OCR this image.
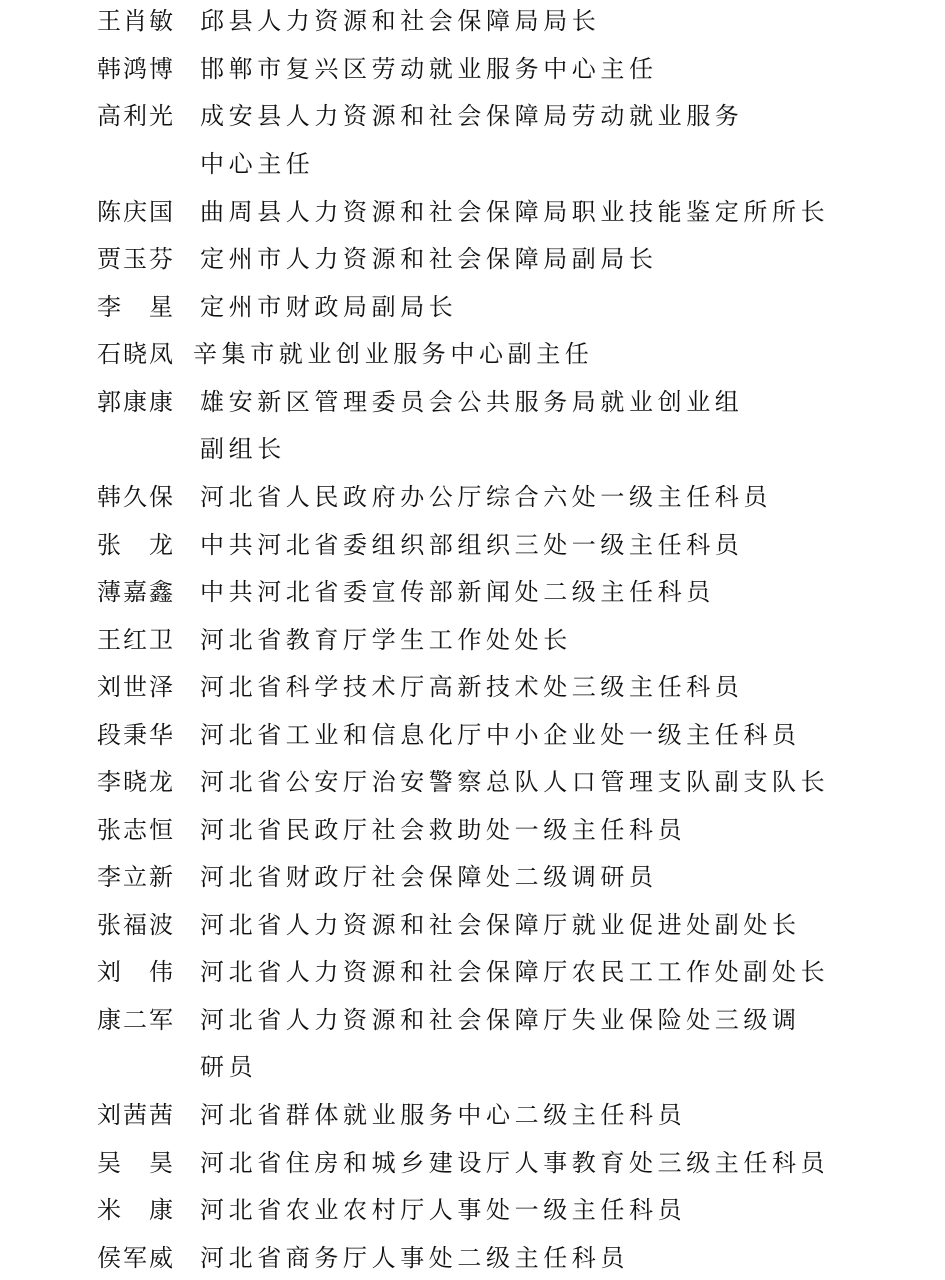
王肖敏 邱县人力资源和社会保障局局长
韩鸿博 邯郸市复兴区劳动就业服务中心主任
高利光 成安县人力资源和社会保障局劳动就业服务
中心主任
陈庆国 曲周县人力资源和社会保障局职业技能鉴定所所长
贾玉芬 定州市人力资源和社会保障局副局长
李　星 定州市财政局副局长
石晓凤 辛集市就业创业服务中心副主任
郭康康 雄安新区管理委员会公共服务局就业创业组
副组长
韩久保 河北省人民政府办公厅综合六处一级主任科员
张　龙 中共河北省委组织部组织三处一级主任科员
薄嘉鑫 中共河北省委宣传部新闻处二级主任科员
王红卫 河北省教育厅学生工作处处长
刘世泽 河北省科学技术厅高新技术处三级主任科员
段秉华 河北省工业和信息化厅中小企业处一级主任科员
李晓龙 河北省公安厅治安警察总队人口管理支队副支队长
张志恒 河北省民政厅社会救助处一级主任科员
李立新 河北省财政厅社会保障处二级调研员
张福波 河北省人力资源和社会保障厅就业促进处副处长
刘　伟 河北省人力资源和社会保障厅农民工工作处副处长
康二军 河北省人力资源和社会保障厅失业保险处三级调
研员
刘茜茜 河北省群体就业服务中心二级主任科员
吴　昊 河北省住房和城乡建设厅人事教育处三级主任科员
米　康 河北省农业农村厅人事处一级主任科员
侯军威 河北省商务厅人事处二级主任科员
